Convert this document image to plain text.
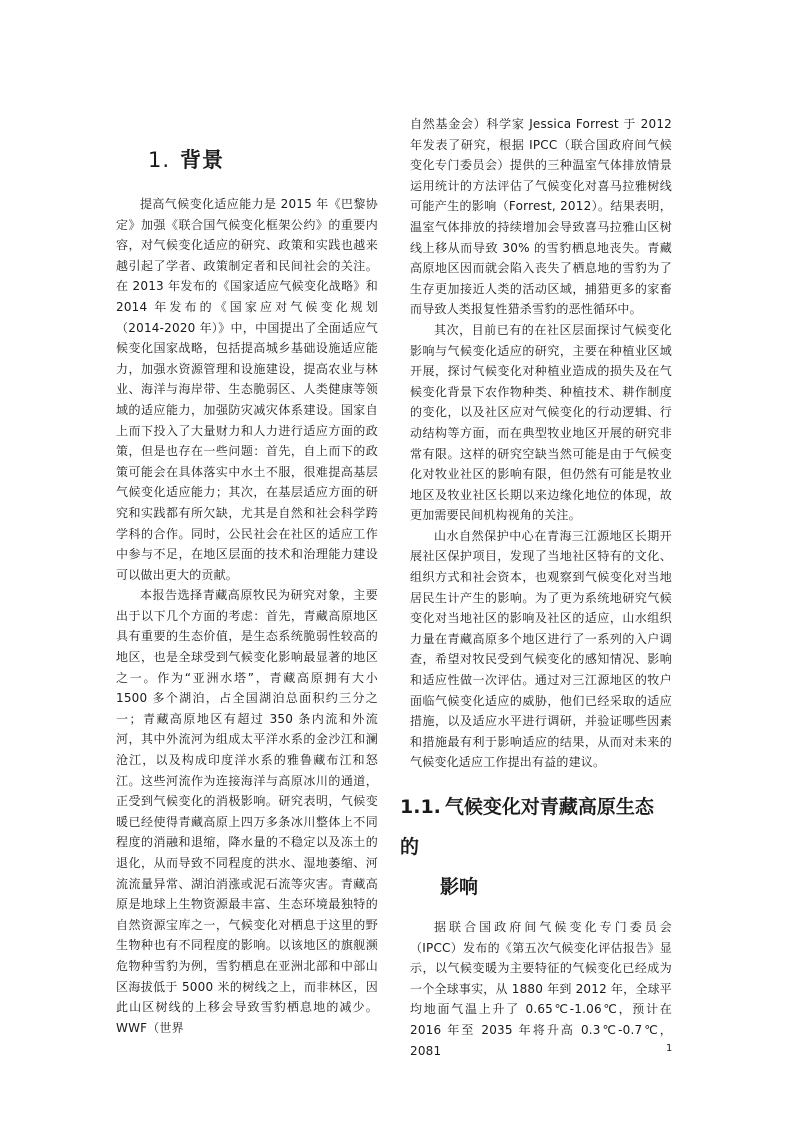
1. 背景

提高气候变化适应能力是 2015 年《巴黎协定》加强《联合国气候变化框架公约》的重要内容，对气候变化适应的研究、政策和实践也越来越引起了学者、政策制定者和民间社会的关注。在 2013 年发布的《国家适应气候变化战略》和 2014 年发布的《国家应对气候变化规划（2014-2020 年）》中，中国提出了全面适应气候变化国家战略，包括提高城乡基础设施适应能力，加强水资源管理和设施建设，提高农业与林业、海洋与海岸带、生态脆弱区、人类健康等领域的适应能力，加强防灾减灾体系建设。国家自上而下投入了大量财力和人力进行适应方面的政策，但是也存在一些问题：首先，自上而下的政策可能会在具体落实中水土不服，很难提高基层气候变化适应能力；其次，在基层适应方面的研究和实践都有所欠缺，尤其是自然和社会科学跨学科的合作。同时，公民社会在社区的适应工作中参与不足，在地区层面的技术和治理能力建设可以做出更大的贡献。

本报告选择青藏高原牧民为研究对象，主要出于以下几个方面的考虑：首先，青藏高原地区具有重要的生态价值，是生态系统脆弱性较高的地区，也是全球受到气候变化影响最显著的地区之一。作为“亚洲水塔”，青藏高原拥有大小 1500 多个湖泊，占全国湖泊总面积约三分之一；青藏高原地区有超过 350 条内流和外流河，其中外流河为组成太平洋水系的金沙江和澜沧江，以及构成印度洋水系的雅鲁藏布江和怒江。这些河流作为连接海洋与高原冰川的通道，正受到气候变化的消极影响。研究表明，气候变暖已经使得青藏高原上四万多条冰川整体上不同程度的消融和退缩，降水量的不稳定以及冻土的退化，从而导致不同程度的洪水、湿地萎缩、河流流量异常、湖泊消涨或泥石流等灾害。青藏高原是地球上生物资源最丰富、生态环境最独特的自然资源宝库之一，气候变化对栖息于这里的野生物种也有不同程度的影响。以该地区的旗舰濒危物种雪豹为例，雪豹栖息在亚洲北部和中部山区海拔低于 5000 米的树线之上，而非林区，因此山区树线的上移会导致雪豹栖息地的减少。WWF（世界

自然基金会）科学家 Jessica Forrest 于 2012 年发表了研究，根据 IPCC（联合国政府间气候变化专门委员会）提供的三种温室气体排放情景运用统计的方法评估了气候变化对喜马拉雅树线可能产生的影响（Forrest, 2012）。结果表明，温室气体排放的持续增加会导致喜马拉雅山区树线上移从而导致 30% 的雪豹栖息地丧失。青藏高原地区因而就会陷入丧失了栖息地的雪豹为了生存更加接近人类的活动区域，捕猎更多的家畜而导致人类报复性猎杀雪豹的恶性循环中。

其次，目前已有的在社区层面探讨气候变化影响与气候变化适应的研究，主要在种植业区域开展，探讨气候变化对种植业造成的损失及在气候变化背景下农作物种类、种植技术、耕作制度的变化，以及社区应对气候变化的行动逻辑、行动结构等方面，而在典型牧业地区开展的研究非常有限。这样的研究空缺当然可能是由于气候变化对牧业社区的影响有限，但仍然有可能是牧业地区及牧业社区长期以来边缘化地位的体现，故更加需要民间机构视角的关注。

山水自然保护中心在青海三江源地区长期开展社区保护项目，发现了当地社区特有的文化、组织方式和社会资本，也观察到气候变化对当地居民生计产生的影响。为了更为系统地研究气候变化对当地社区的影响及社区的适应，山水组织力量在青藏高原多个地区进行了一系列的入户调查，希望对牧民受到气候变化的感知情况、影响和适应性做一次评估。通过对三江源地区的牧户面临气候变化适应的威胁，他们已经采取的适应措施，以及适应水平进行调研，并验证哪些因素和措施最有利于影响适应的结果，从而对未来的气候变化适应工作提出有益的建议。

1.1. 气候变化对青藏高原生态的
影响

据联合国政府间气候变化专门委员会（IPCC）发布的《第五次气候变化评估报告》显示，以气候变暖为主要特征的气候变化已经成为一个全球事实，从 1880 年到 2012 年，全球平均地面气温上升了 0.65℃-1.06℃，预计在 2016 年至 2035 年将升高 0.3℃-0.7℃，2081	1
